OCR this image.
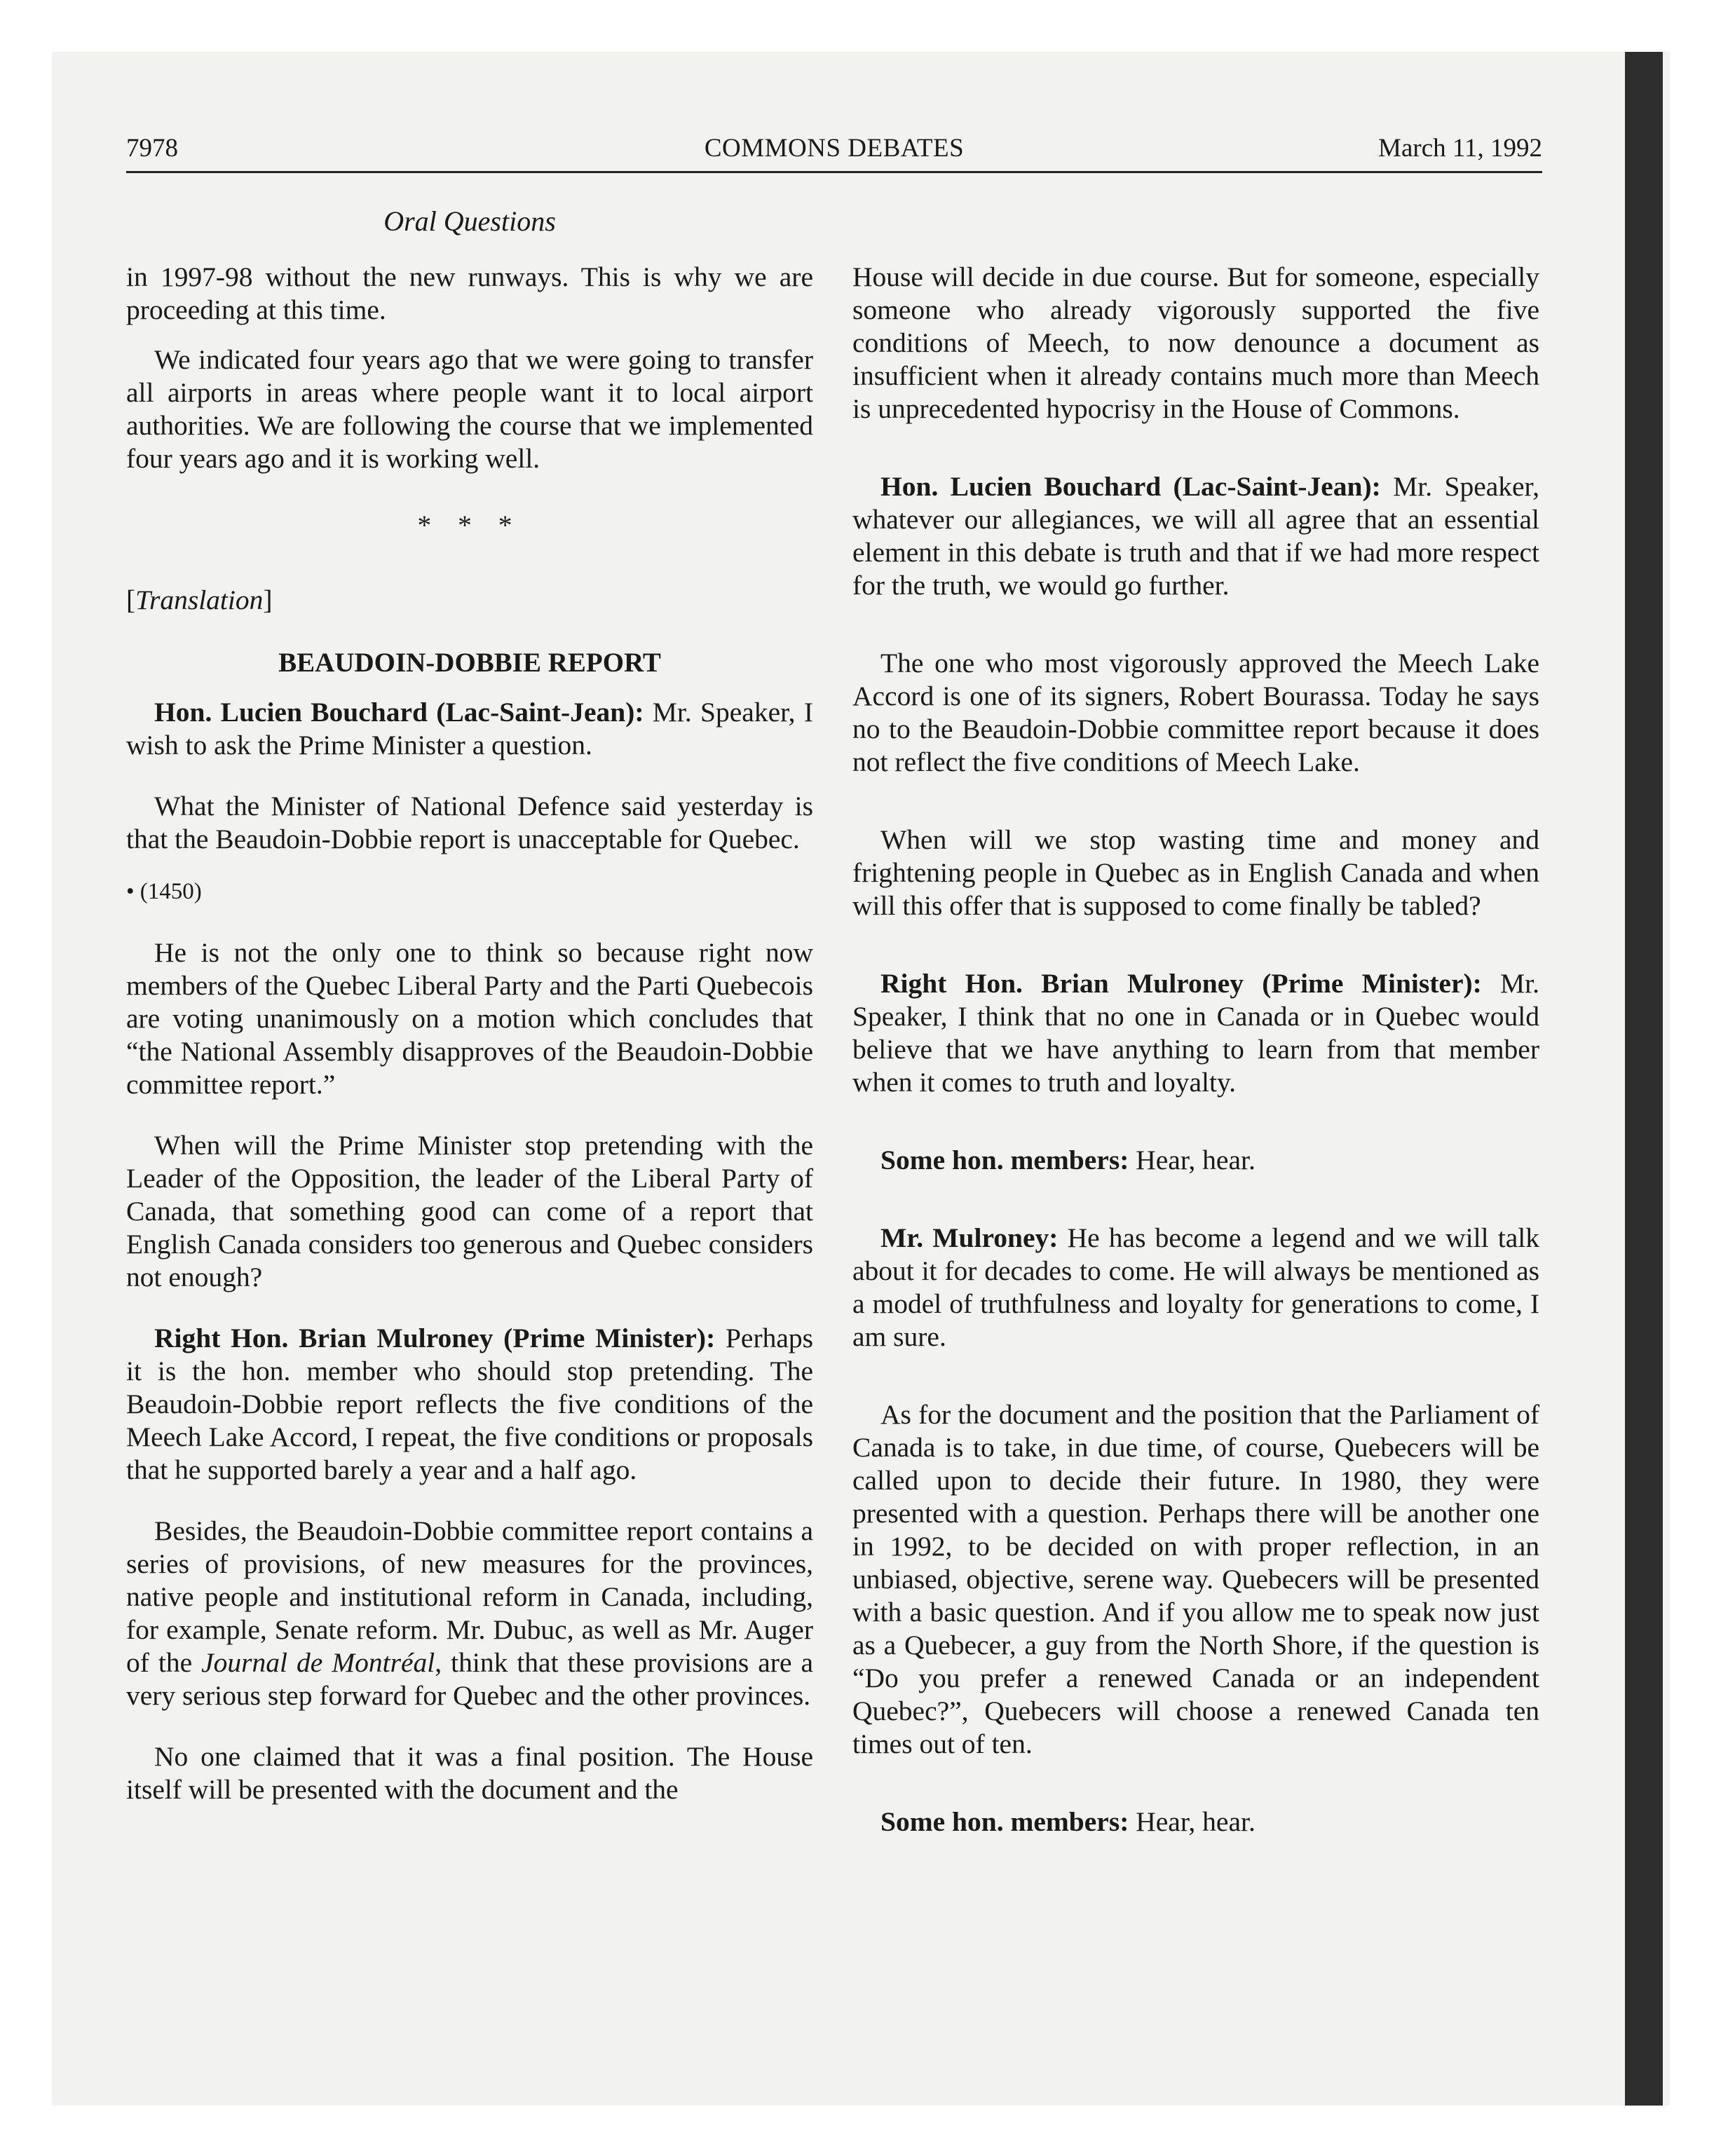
7978	COMMONS DEBATES	March 11, 1992
Oral Questions

in 1997-98 without the new runways. This is why we are proceeding at this time.

We indicated four years ago that we were going to transfer all airports in areas where people want it to local airport authorities. We are following the course that we implemented four years ago and it is working well.

* * *

[Translation]

BEAUDOIN-DOBBIE REPORT

Hon. Lucien Bouchard (Lac-Saint-Jean): Mr. Speaker, I wish to ask the Prime Minister a question.

What the Minister of National Defence said yesterday is that the Beaudoin-Dobbie report is unacceptable for Quebec.

• (1450)

He is not the only one to think so because right now members of the Quebec Liberal Party and the Parti Quebecois are voting unanimously on a motion which concludes that “the National Assembly disapproves of the Beaudoin-Dobbie committee report.”

When will the Prime Minister stop pretending with the Leader of the Opposition, the leader of the Liberal Party of Canada, that something good can come of a report that English Canada considers too generous and Quebec considers not enough?

Right Hon. Brian Mulroney (Prime Minister): Perhaps it is the hon. member who should stop pretending. The Beaudoin-Dobbie report reflects the five conditions of the Meech Lake Accord, I repeat, the five conditions or proposals that he supported barely a year and a half ago.

Besides, the Beaudoin-Dobbie committee report contains a series of provisions, of new measures for the provinces, native people and institutional reform in Canada, including, for example, Senate reform. Mr. Dubuc, as well as Mr. Auger of the Journal de Montréal, think that these provisions are a very serious step forward for Quebec and the other provinces.

No one claimed that it was a final position. The House itself will be presented with the document and the

House will decide in due course. But for someone, especially someone who already vigorously supported the five conditions of Meech, to now denounce a document as insufficient when it already contains much more than Meech is unprecedented hypocrisy in the House of Commons.

Hon. Lucien Bouchard (Lac-Saint-Jean): Mr. Speaker, whatever our allegiances, we will all agree that an essential element in this debate is truth and that if we had more respect for the truth, we would go further.

The one who most vigorously approved the Meech Lake Accord is one of its signers, Robert Bourassa. Today he says no to the Beaudoin-Dobbie committee report because it does not reflect the five conditions of Meech Lake.

When will we stop wasting time and money and frightening people in Quebec as in English Canada and when will this offer that is supposed to come finally be tabled?

Right Hon. Brian Mulroney (Prime Minister): Mr. Speaker, I think that no one in Canada or in Quebec would believe that we have anything to learn from that member when it comes to truth and loyalty.

Some hon. members: Hear, hear.

Mr. Mulroney: He has become a legend and we will talk about it for decades to come. He will always be mentioned as a model of truthfulness and loyalty for generations to come, I am sure.

As for the document and the position that the Parliament of Canada is to take, in due time, of course, Quebecers will be called upon to decide their future. In 1980, they were presented with a question. Perhaps there will be another one in 1992, to be decided on with proper reflection, in an unbiased, objective, serene way. Quebecers will be presented with a basic question. And if you allow me to speak now just as a Quebecer, a guy from the North Shore, if the question is “Do you prefer a renewed Canada or an independent Quebec?”, Quebecers will choose a renewed Canada ten times out of ten.

Some hon. members: Hear, hear.
